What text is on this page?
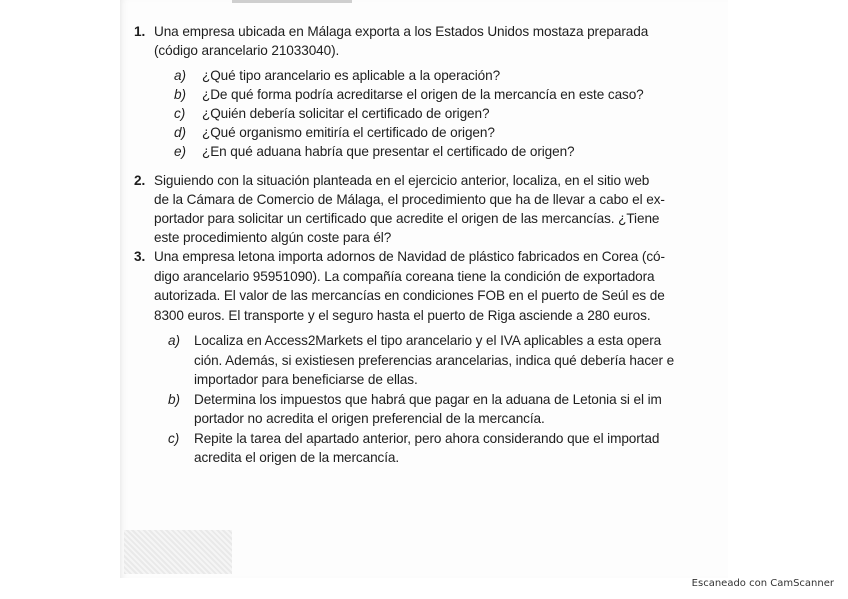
1. Una empresa ubicada en Málaga exporta a los Estados Unidos mostaza preparada
(código arancelario 21033040).
a) ¿Qué tipo arancelario es aplicable a la operación?
b) ¿De qué forma podría acreditarse el origen de la mercancía en este caso?
c) ¿Quién debería solicitar el certificado de origen?
d) ¿Qué organismo emitiría el certificado de origen?
e) ¿En qué aduana habría que presentar el certificado de origen?
2. Siguiendo con la situación planteada en el ejercicio anterior, localiza, en el sitio web
de la Cámara de Comercio de Málaga, el procedimiento que ha de llevar a cabo el ex-
portador para solicitar un certificado que acredite el origen de las mercancías. ¿Tiene
este procedimiento algún coste para él?
3. Una empresa letona importa adornos de Navidad de plástico fabricados en Corea (có-
digo arancelario 95951090). La compañía coreana tiene la condición de exportadora
autorizada. El valor de las mercancías en condiciones FOB en el puerto de Seúl es de
8300 euros. El transporte y el seguro hasta el puerto de Riga asciende a 280 euros.
a) Localiza en Access2Markets el tipo arancelario y el IVA aplicables a esta opera
ción. Además, si existiesen preferencias arancelarias, indica qué debería hacer e
importador para beneficiarse de ellas.
b) Determina los impuestos que habrá que pagar en la aduana de Letonia si el im
portador no acredita el origen preferencial de la mercancía.
c) Repite la tarea del apartado anterior, pero ahora considerando que el importad
acredita el origen de la mercancía.
Escaneado con CamScanner
